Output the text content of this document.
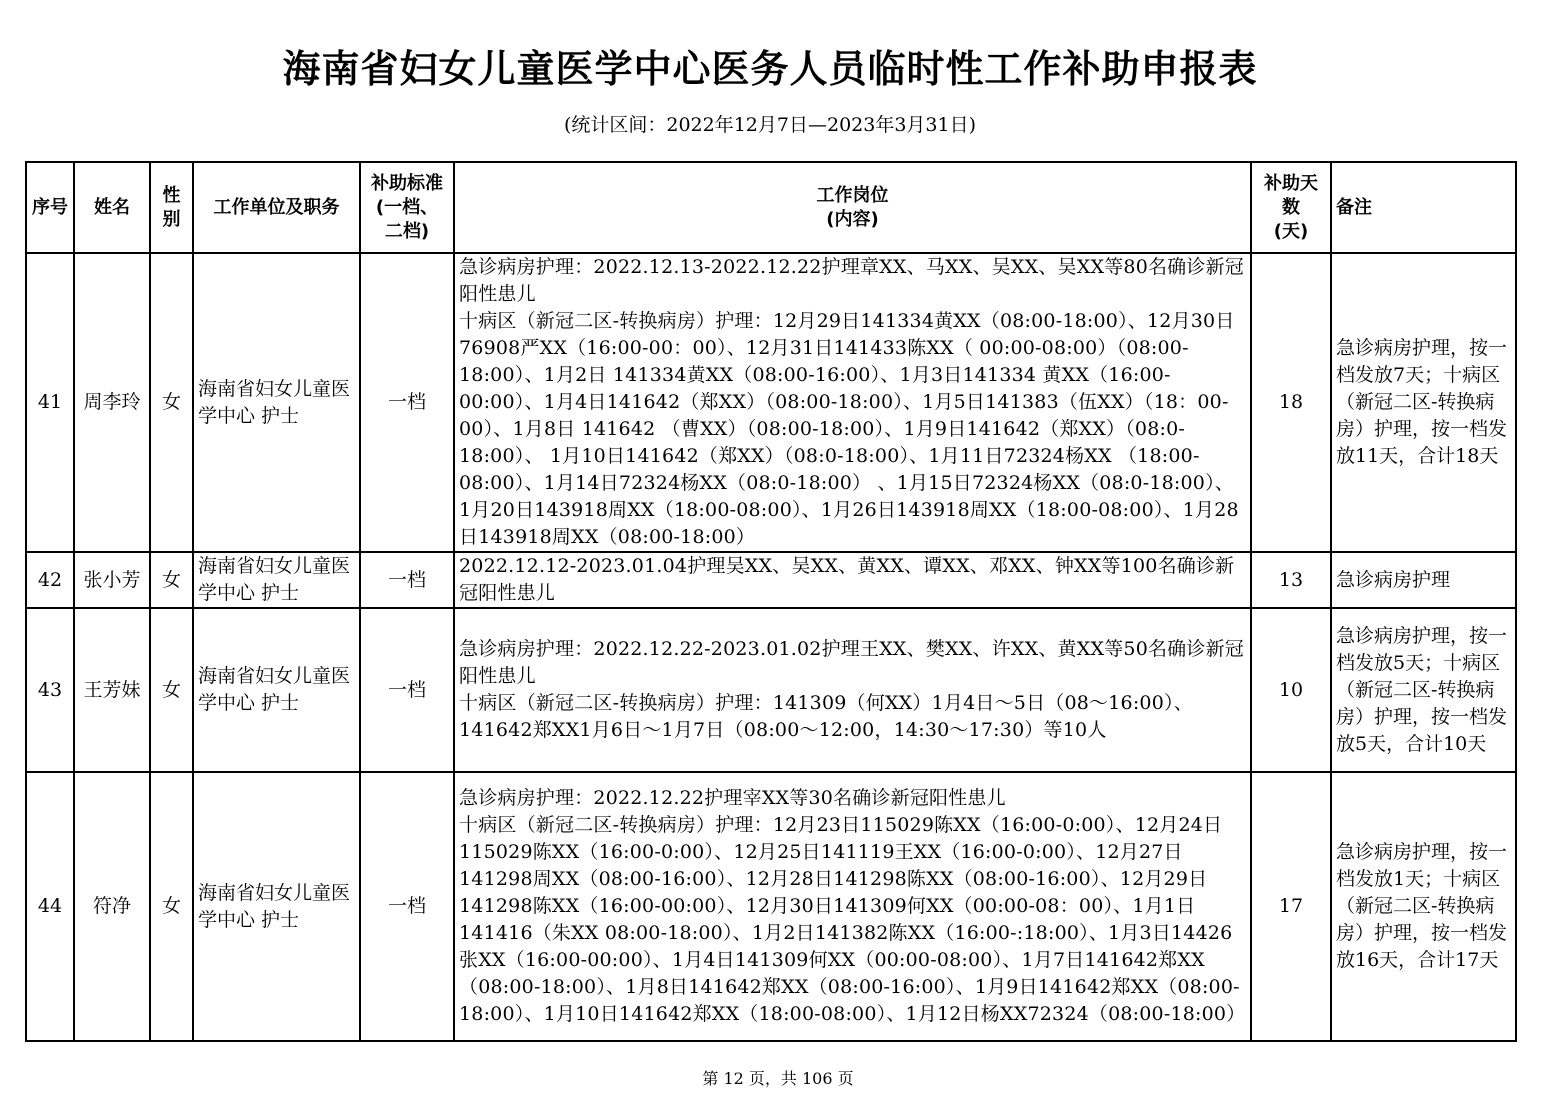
海南省妇女儿童医学中心医务人员临时性工作补助申报表
(统计区间：2022年12月7日—2023年3月31日)
序号	姓名	性别	工作单位及职务	补助标准
(一档、
二档)	工作岗位
(内容)	补助天
数
(天)	备注
41	周李玲	女	海南省妇女儿童医学中心 护士	一档	急诊病房护理：2022.12.13-2022.12.22护理章XX、马XX、吴XX、吴XX等80名确诊新冠阳性患儿
十病区（新冠二区-转换病房）护理：12月29日141334黄XX（08:00-18:00）、12月30日76908严XX（16:00-00：00）、12月31日141433陈XX（ 00:00-08:00）（08:00-18:00）、1月2日 141334黄XX（08:00-16:00）、1月3日141334 黄XX（16:00-00:00）、1月4日141642（郑XX）（08:00-18:00）、1月5日141383（伍XX）（18：00-00）、1月8日 141642 （曹XX）（08:00-18:00）、1月9日141642（郑XX）（08:0-18:00）、 1月10日141642（郑XX）（08:0-18:00）、1月11日72324杨XX （18:00-08:00）、1月14日72324杨XX（08:0-18:00） 、1月15日72324杨XX（08:0-18:00）、1月20日143918周XX（18:00-08:00）、1月26日143918周XX（18:00-08:00）、1月28日143918周XX（08:00-18:00）	18	急诊病房护理，按一档发放7天；十病区（新冠二区-转换病房）护理，按一档发放11天，合计18天
42	张小芳	女	海南省妇女儿童医学中心 护士	一档	2022.12.12-2023.01.04护理吴XX、吴XX、黄XX、谭XX、邓XX、钟XX等100名确诊新冠阳性患儿	13	急诊病房护理
43	王芳妹	女	海南省妇女儿童医学中心 护士	一档	急诊病房护理：2022.12.22-2023.01.02护理王XX、樊XX、许XX、黄XX等50名确诊新冠阳性患儿
十病区（新冠二区-转换病房）护理：141309（何XX）1月4日～5日（08～16:00）、141642郑XX1月6日～1月7日（08:00～12:00，14:30～17:30）等10人	10	急诊病房护理，按一档发放5天；十病区（新冠二区-转换病房）护理，按一档发放5天，合计10天
44	符净	女	海南省妇女儿童医学中心 护士	一档	急诊病房护理：2022.12.22护理宰XX等30名确诊新冠阳性患儿
十病区（新冠二区-转换病房）护理：12月23日115029陈XX（16:00-0:00）、12月24日115029陈XX（16:00-0:00）、12月25日141119王XX（16:00-0:00）、12月27日141298周XX（08:00-16:00）、12月28日141298陈XX（08:00-16:00）、12月29日141298陈XX（16:00-00:00）、12月30日141309何XX（00:00-08：00）、1月1日141416（朱XX 08:00-18:00）、1月2日141382陈XX（16:00-:18:00）、1月3日14426张XX（16:00-00:00）、1月4日141309何XX（00:00-08:00）、1月7日141642郑XX（08:00-18:00）、1月8日141642郑XX（08:00-16:00）、1月9日141642郑XX（08:00-18:00）、1月10日141642郑XX（18:00-08:00）、1月12日杨XX72324（08:00-18:00）	17	急诊病房护理，按一档发放1天；十病区（新冠二区-转换病房）护理，按一档发放16天，合计17天
第 12 页，共 106 页
